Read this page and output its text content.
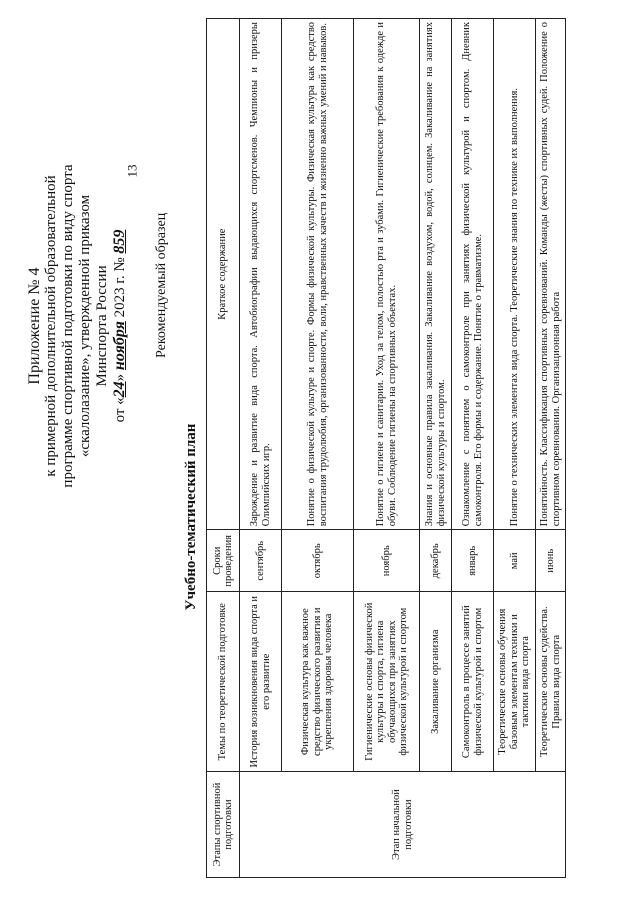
13
Приложение № 4 к примерной дополнительной образовательной программе спортивной подготовки по виду спорта «скалолазание», утвержденной приказом Минспорта России
от «24» ноября 2023 г. № 859 Рекомендуемый образец
Учебно-тематический план
Этапы спортивной подготовки	Темы по теоретической подготовке	Сроки проведения	Краткое содержание
Этап начальной подготовки	История возникновения вида спорта и его развитие	сентябрь	Зарождение и развитие вида спорта. Автобиографии выдающихся спортсменов. Чемпионы и призеры Олимпийских игр.
	Физическая культура как важное средство физического развития и укрепления здоровья человека	октябрь	Понятие о физической культуре и спорте. Формы физической культуры. Физическая культура как средство воспитания трудолюбия, организованности, воли, нравственных качеств и жизненно важных умений и навыков.
	Гигиенические основы физической культуры и спорта, гигиена обучающихся при занятиях физической культурой и спортом	ноябрь	Понятие о гигиене и санитарии. Уход за телом, полостью рта и зубами. Гигиенические требования к одежде и обуви. Соблюдение гигиены на спортивных объектах.
	Закаливание организма	декабрь	Знания и основные правила закаливания. Закаливание воздухом, водой, солнцем. Закаливание на занятиях физической культуры и спортом.
	Самоконтроль в процессе занятий физической культурой и спортом	январь	Ознакомление с понятием о самоконтроле при занятиях физической культурой и спортом. Дневник самоконтроля. Его формы и содержание. Понятие о травматизме.
	Теоретические основы обучения базовым элементам техники и тактики вида спорта	май	Понятие о технических элементах вида спорта. Теоретические знания по технике их выполнения.
	Теоретические основы судейства. Правила вида спорта	июнь	Понятийность. Классификация спортивных соревнований. Команды (жесты) спортивных судей. Положение о спортивном соревновании. Организационная работа
